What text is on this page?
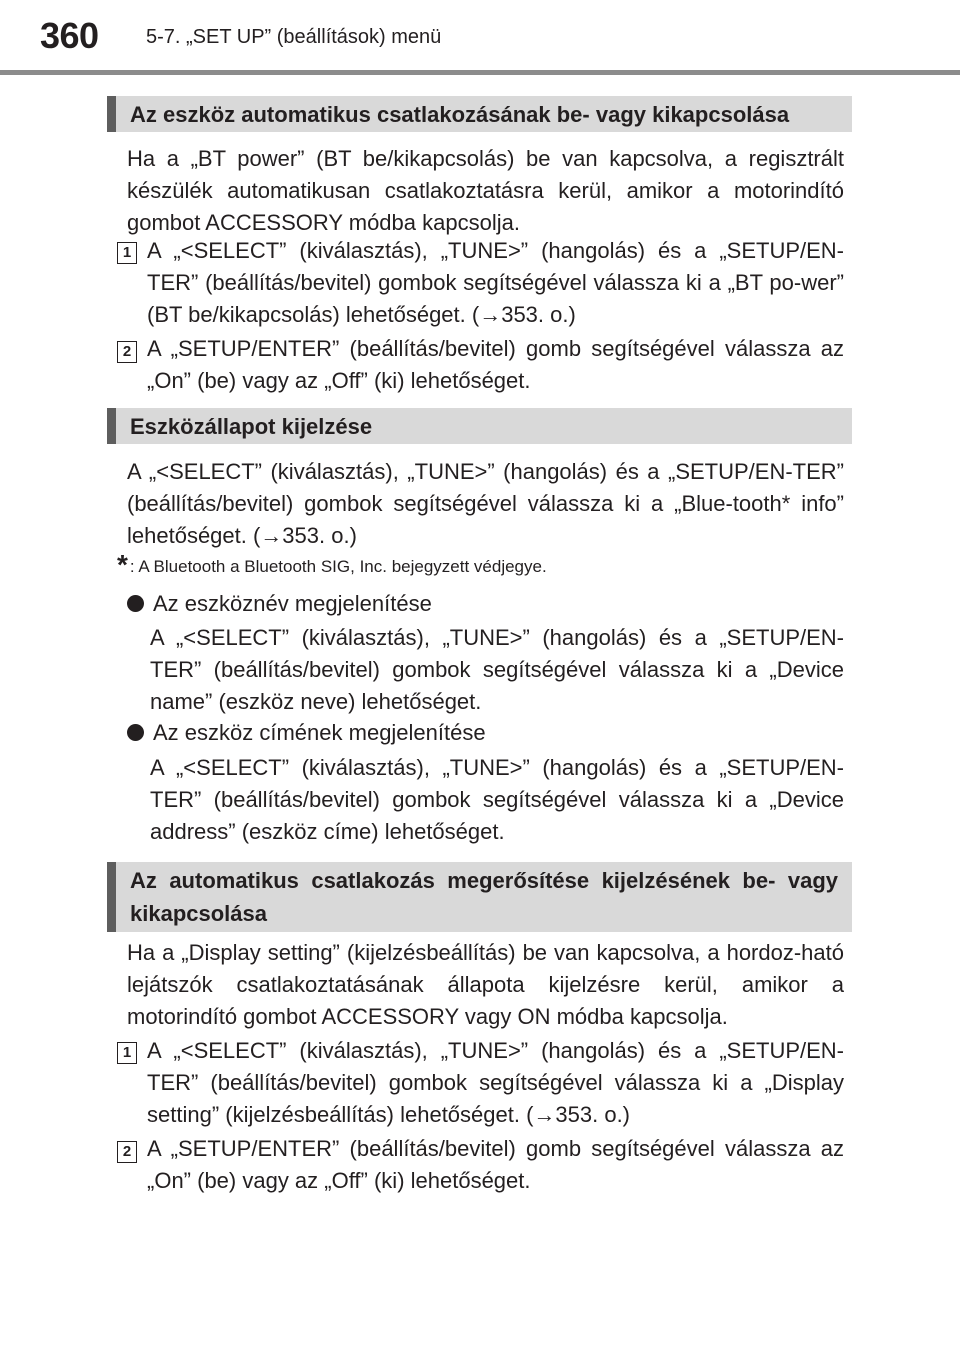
360 5-7. „SET UP” (beállítások) menü
Az eszköz automatikus csatlakozásának be- vagy kikapcsolása

Ha a „BT power” (BT be/kikapcsolás) be van kapcsolva, a regisztrált készülék automatikusan csatlakoztatásra kerül, amikor a motorindító gombot ACCESSORY módba kapcsolja.

1 A „<SELECT” (kiválasztás), „TUNE>” (hangolás) és a „SETUP/EN-TER” (beállítás/bevitel) gombok segítségével válassza ki a „BT po-wer” (BT be/kikapcsolás) lehetőséget. (→353. o.)

2 A „SETUP/ENTER” (beállítás/bevitel) gomb segítségével válassza az „On” (be) vagy az „Off” (ki) lehetőséget.

Eszközállapot kijelzése

A „<SELECT” (kiválasztás), „TUNE>” (hangolás) és a „SETUP/EN-TER” (beállítás/bevitel) gombok segítségével válassza ki a „Blue-tooth* info” lehetőséget. (→353. o.)

* : A Bluetooth a Bluetooth SIG, Inc. bejegyzett védjegye.
Az eszköznév megjelenítése

A „<SELECT” (kiválasztás), „TUNE>” (hangolás) és a „SETUP/EN-TER” (beállítás/bevitel) gombok segítségével válassza ki a „Device name” (eszköz neve) lehetőséget.

Az eszköz címének megjelenítése

A „<SELECT” (kiválasztás), „TUNE>” (hangolás) és a „SETUP/EN-TER” (beállítás/bevitel) gombok segítségével válassza ki a „Device address” (eszköz címe) lehetőséget.

Az automatikus csatlakozás megerősítése kijelzésének be- vagy kikapcsolása

Ha a „Display setting” (kijelzésbeállítás) be van kapcsolva, a hordoz-ható lejátszók csatlakoztatásának állapota kijelzésre kerül, amikor a motorindító gombot ACCESSORY vagy ON módba kapcsolja.

1 A „<SELECT” (kiválasztás), „TUNE>” (hangolás) és a „SETUP/EN-TER” (beállítás/bevitel) gombok segítségével válassza ki a „Display setting” (kijelzésbeállítás) lehetőséget. (→353. o.)

2 A „SETUP/ENTER” (beállítás/bevitel) gomb segítségével válassza az „On” (be) vagy az „Off” (ki) lehetőséget.
